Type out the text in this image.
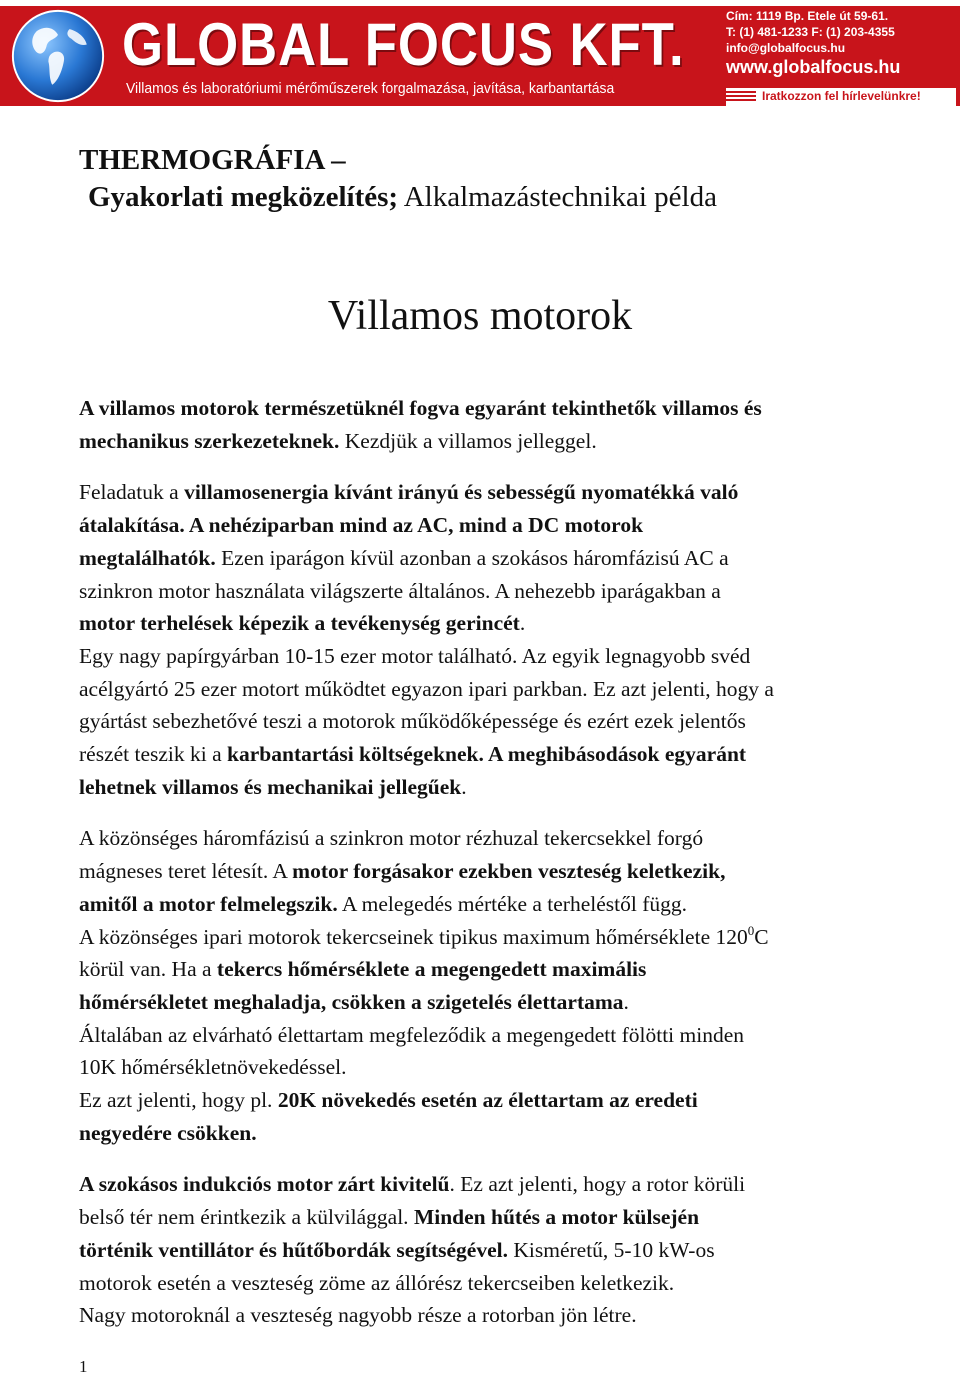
GLOBAL FOCUS KFT.
Villamos és laboratóriumi mérőműszerek forgalmazása, javítása, karbantartása
Cím: 1119 Bp. Etele út 59-61.
T: (1) 481-1233 F: (1) 203-4355
info@globalfocus.hu
www.globalfocus.hu
Iratkozzon fel hírlevelünkre!
THERMOGRÁFIA –
Gyakorlati megközelítés; Alkalmazástechnikai példa
Villamos motorok

A villamos motorok természetüknél fogva egyaránt tekinthetők villamos és

mechanikus szerkezeteknek. Kezdjük a villamos jelleggel.

Feladatuk a villamosenergia kívánt irányú és sebességű nyomatékká való

átalakítása. A nehéziparban mind az AC, mind a DC motorok

megtalálhatók. Ezen iparágon kívül azonban a szokásos háromfázisú AC a

szinkron motor használata világszerte általános. A nehezebb iparágakban a

motor terhelések képezik a tevékenység gerincét.

Egy nagy papírgyárban 10-15 ezer motor található. Az egyik legnagyobb svéd

acélgyártó 25 ezer motort működtet egyazon ipari parkban. Ez azt jelenti, hogy a

gyártást sebezhetővé teszi a motorok működőképessége és ezért ezek jelentős

részét teszik ki a karbantartási költségeknek. A meghibásodások egyaránt

lehetnek villamos és mechanikai jellegűek.

A közönséges háromfázisú a szinkron motor rézhuzal tekercsekkel forgó

mágneses teret létesít. A motor forgásakor ezekben veszteség keletkezik,

amitől a motor felmelegszik. A melegedés mértéke a terheléstől függ.

A közönséges ipari motorok tekercseinek tipikus maximum hőmérséklete $120^0C$

körül van. Ha a tekercs hőmérséklete a megengedett maximális

hőmérsékletet meghaladja, csökken a szigetelés élettartama.

Általában az elvárható élettartam megfeleződik a megengedett fölötti minden

10K hőmérsékletnövekedéssel.

Ez azt jelenti, hogy pl. 20K növekedés esetén az élettartam az eredeti

negyedére csökken.

A szokásos indukciós motor zárt kivitelű. Ez azt jelenti, hogy a rotor körüli

belső tér nem érintkezik a külvilággal. Minden hűtés a motor külsején

történik ventillátor és hűtőbordák segítségével. Kisméretű, 5-10 kW-os

motorok esetén a veszteség zöme az állórész tekercseiben keletkezik.

Nagy motoroknál a veszteség nagyobb része a rotorban jön létre.

1
